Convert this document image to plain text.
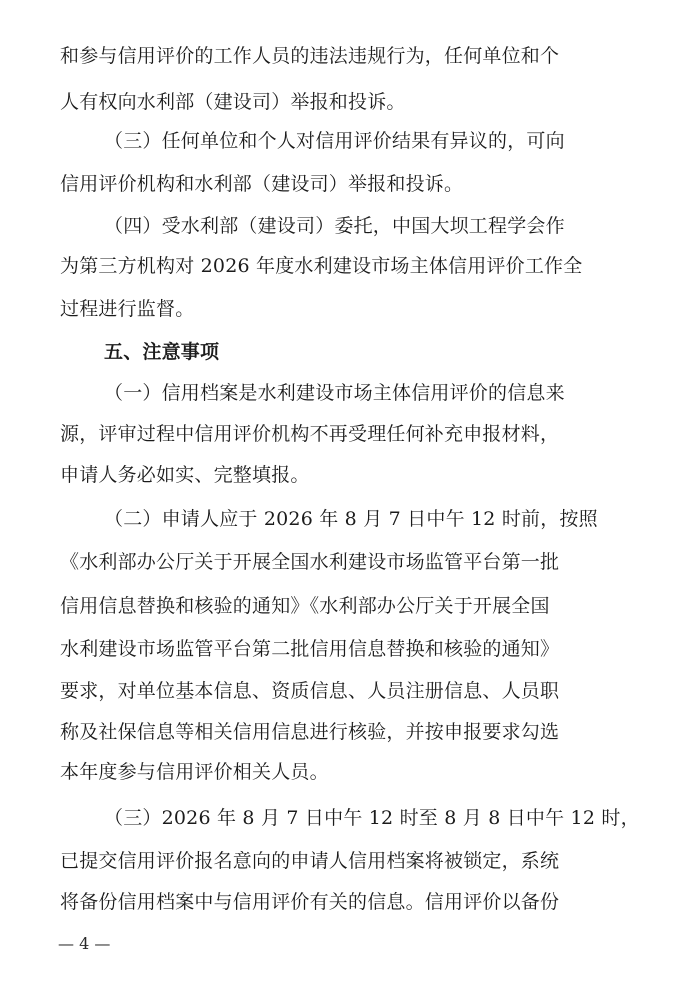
和参与信用评价的工作人员的违法违规行为，任何单位和个
人有权向水利部（建设司）举报和投诉。
（三）任何单位和个人对信用评价结果有异议的，可向
信用评价机构和水利部（建设司）举报和投诉。
（四）受水利部（建设司）委托，中国大坝工程学会作
为第三方机构对 2026 年度水利建设市场主体信用评价工作全
过程进行监督。
五、注意事项
（一）信用档案是水利建设市场主体信用评价的信息来
源，评审过程中信用评价机构不再受理任何补充申报材料，
申请人务必如实、完整填报。
（二）申请人应于 2026 年 8 月 7 日中午 12 时前，按照
《水利部办公厅关于开展全国水利建设市场监管平台第一批
信用信息替换和核验的通知》《水利部办公厅关于开展全国
水利建设市场监管平台第二批信用信息替换和核验的通知》
要求，对单位基本信息、资质信息、人员注册信息、人员职
称及社保信息等相关信用信息进行核验，并按申报要求勾选
本年度参与信用评价相关人员。
（三）2026 年 8 月 7 日中午 12 时至 8 月 8 日中午 12 时，
已提交信用评价报名意向的申请人信用档案将被锁定，系统
将备份信用档案中与信用评价有关的信息。信用评价以备份
— 4 —
